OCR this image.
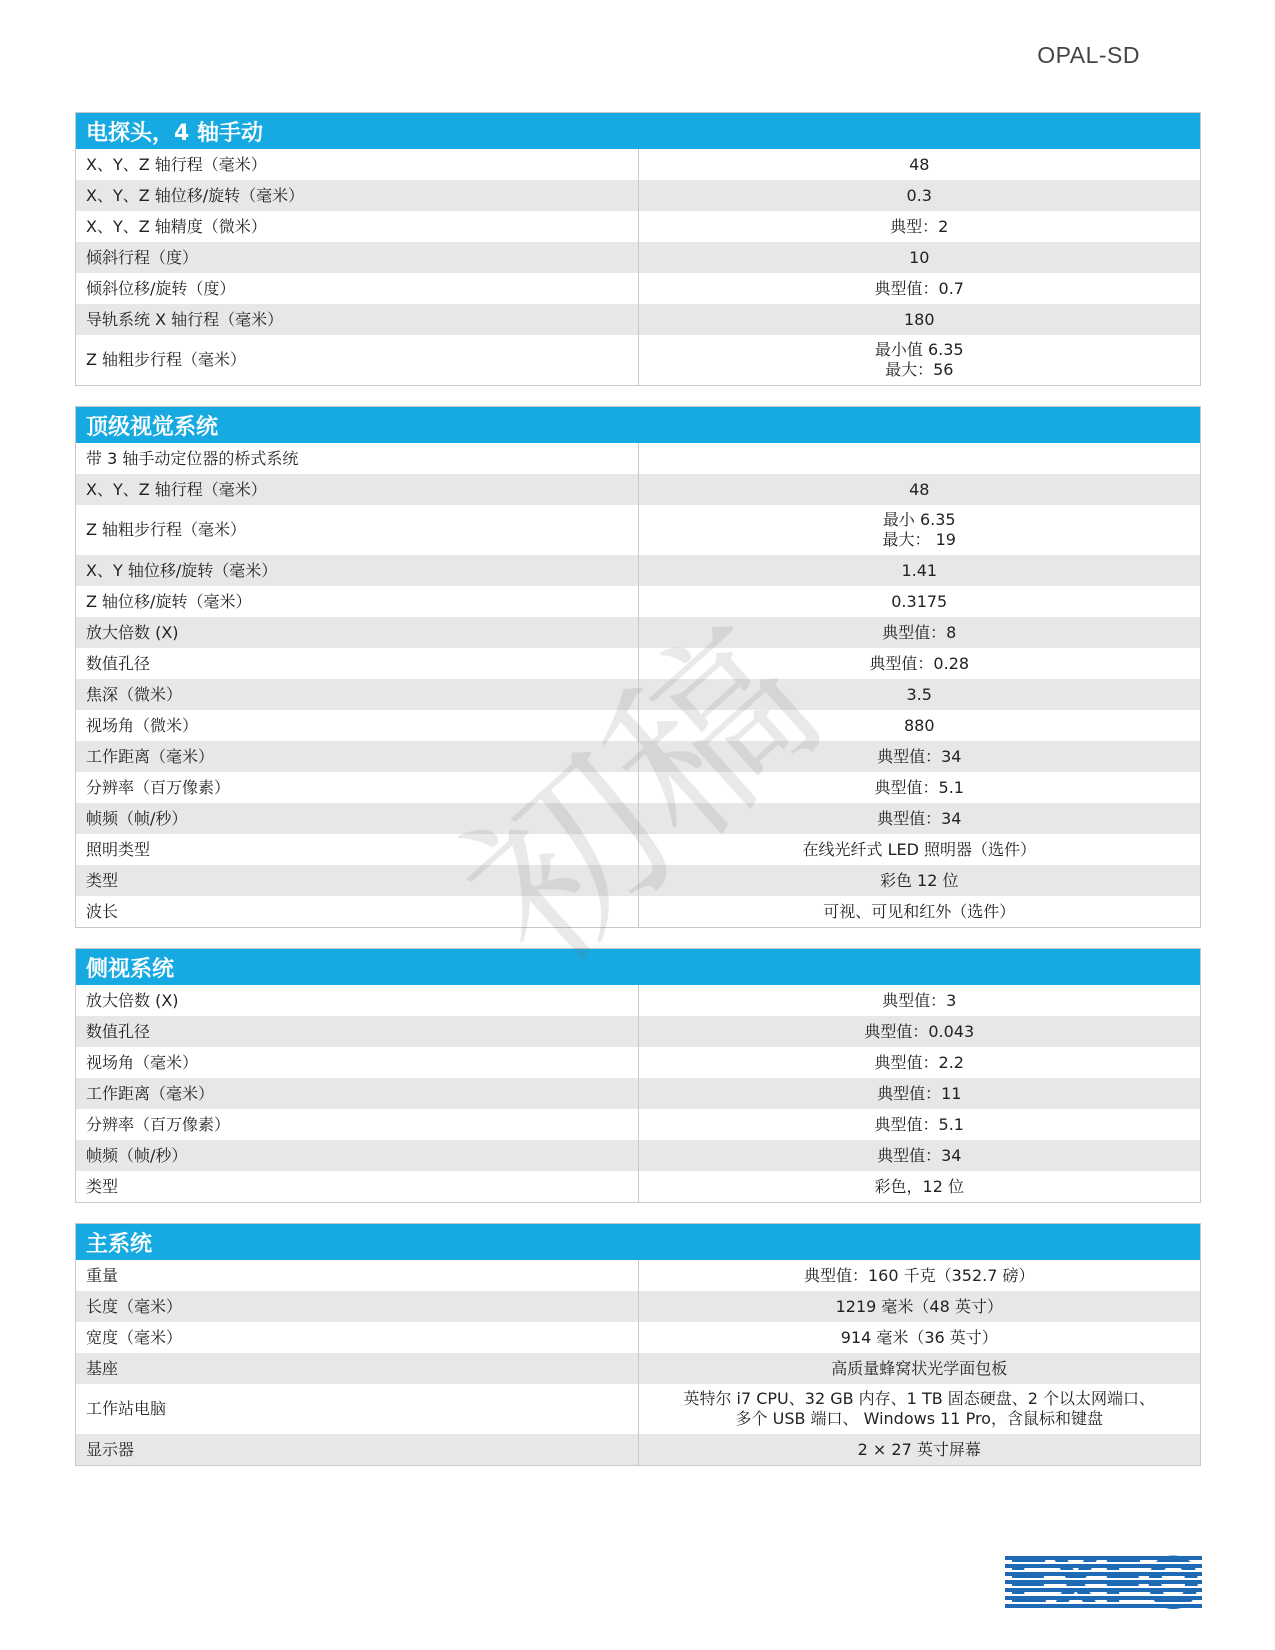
OPAL-SD
电探头，4 轴手动	
X、Y、Z 轴行程（毫米）	48

X、Y、Z 轴位移/旋转（毫米）	0.3

X、Y、Z 轴精度（微米）	典型：2

倾斜行程（度）	10

倾斜位移/旋转（度）	典型值：0.7

导轨系统 X 轴行程（毫米）	180

Z 轴粗步行程（毫米）	最小值 6.35
最大：56
顶级视觉系统	
带 3 轴手动定位器的桥式系统	

X、Y、Z 轴行程（毫米）	48

Z 轴粗步行程（毫米）	最小 6.35
最大： 19

X、Y 轴位移/旋转（毫米）	1.41

Z 轴位移/旋转（毫米）	0.3175

放大倍数 (X)	典型值：8

数值孔径	典型值：0.28

焦深（微米）	3.5

视场角（微米）	880

工作距离（毫米）	典型值：34

分辨率（百万像素）	典型值：5.1

帧频（帧/秒）	典型值：34

照明类型	在线光纤式 LED 照明器（选件）

类型	彩色 12 位

波长	可视、可见和红外（选件）
侧视系统	
放大倍数 (X)	典型值：3

数值孔径	典型值：0.043

视场角（毫米）	典型值：2.2

工作距离（毫米）	典型值：11

分辨率（百万像素）	典型值：5.1

帧频（帧/秒）	典型值：34

类型	彩色，12 位
主系统	
重量	典型值：160 千克（352.7 磅）

长度（毫米）	1219 毫米（48 英寸）

宽度（毫米）	914 毫米（36 英寸）

基座	高质量蜂窝状光学面包板

工作站电脑	英特尔 i7 CPU、32 GB 内存、1 TB 固态硬盘、2 个以太网端口、
多个 USB 端口、 Windows 11 Pro，含鼠标和键盘

显示器	2 × 27 英寸屏幕
初稿
